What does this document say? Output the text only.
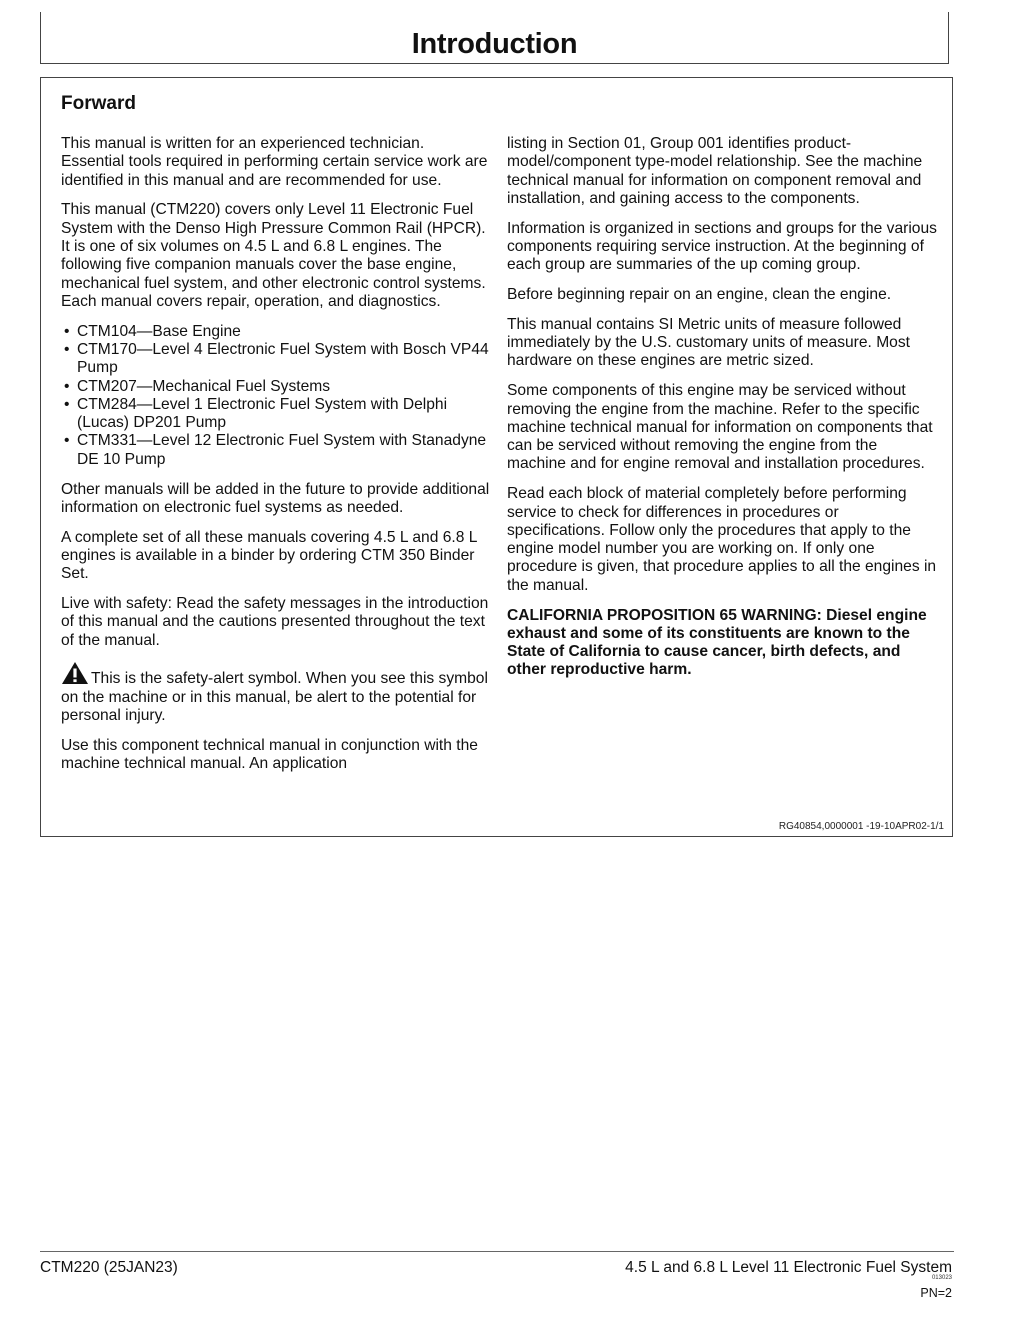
Introduction
Forward

This manual is written for an experienced technician. Essential tools required in performing certain service work are identified in this manual and are recommended for use.

This manual (CTM220) covers only Level 11 Electronic Fuel System with the Denso High Pressure Common Rail (HPCR). It is one of six volumes on 4.5 L and 6.8 L engines. The following five companion manuals cover the base engine, mechanical fuel system, and other electronic control systems. Each manual covers repair, operation, and diagnostics.

• CTM104—Base Engine
• CTM170—Level 4 Electronic Fuel System with Bosch VP44 Pump
• CTM207—Mechanical Fuel Systems
• CTM284—Level 1 Electronic Fuel System with Delphi (Lucas) DP201 Pump
• CTM331—Level 12 Electronic Fuel System with Stanadyne DE 10 Pump

Other manuals will be added in the future to provide additional information on electronic fuel systems as needed.

A complete set of all these manuals covering 4.5 L and 6.8 L engines is available in a binder by ordering CTM 350 Binder Set.

Live with safety: Read the safety messages in the introduction of this manual and the cautions presented throughout the text of the manual.

This is the safety-alert symbol. When you see this symbol on the machine or in this manual, be alert to the potential for personal injury.

Use this component technical manual in conjunction with the machine technical manual. An application

listing in Section 01, Group 001 identifies product-model/component type-model relationship. See the machine technical manual for information on component removal and installation, and gaining access to the components.

Information is organized in sections and groups for the various components requiring service instruction. At the beginning of each group are summaries of the up coming group.

Before beginning repair on an engine, clean the engine.

This manual contains SI Metric units of measure followed immediately by the U.S. customary units of measure. Most hardware on these engines are metric sized.

Some components of this engine may be serviced without removing the engine from the machine. Refer to the specific machine technical manual for information on components that can be serviced without removing the engine from the machine and for engine removal and installation procedures.

Read each block of material completely before performing service to check for differences in procedures or specifications. Follow only the procedures that apply to the engine model number you are working on. If only one procedure is given, that procedure applies to all the engines in the manual.

CALIFORNIA PROPOSITION 65 WARNING: Diesel engine exhaust and some of its constituents are known to the State of California to cause cancer, birth defects, and other reproductive harm.

RG40854,0000001 -19-10APR02-1/1
CTM220 (25JAN23)	4.5 L and 6.8 L Level 11 Electronic Fuel System
013023
PN=2
